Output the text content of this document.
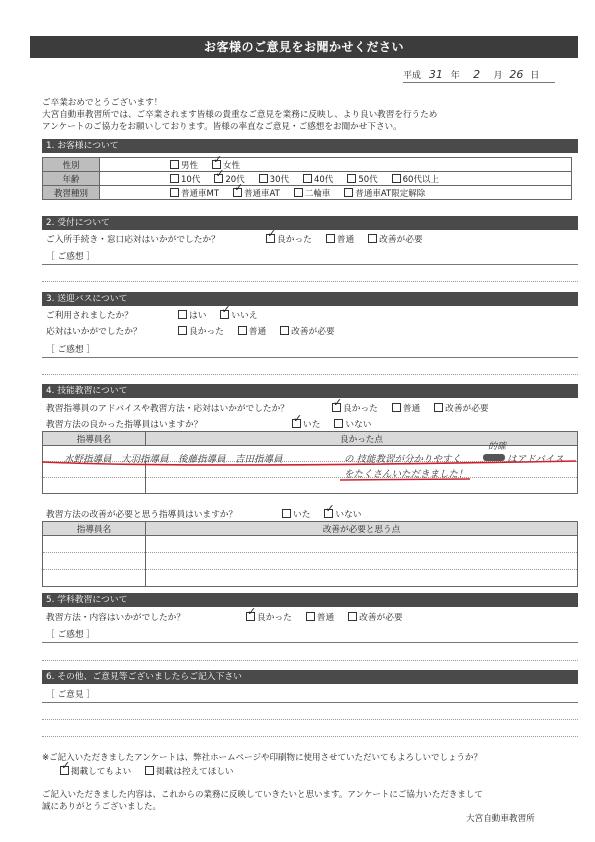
お客様のご意見をお聞かせください
平成 31 年 2 月 26 日
ご卒業おめでとうございます！
大宮自動車教習所では、ご卒業されます皆様の貴重なご意見を業務に反映し、より良い教習を行うため
アンケートのご協力をお願いしております。皆様の率直なご意見・ご感想をお聞かせ下さい。
1. お客様について
性別	男性 ✓ 女性
年齢	10代 ✓ 20代 30代 40代 50代 60代以上
教習種別	普通車MT ✓ 普通車AT 二輪車 普通車AT限定解除
2. 受付について
ご入所手続き・窓口応対はいかがでしたか？ ✓	良かった	普通	改善が必要
［ ご感想 ］
3. 送迎バスについて
ご利用されましたか？	はい ✓	いいえ
応対はいかがでしたか？	良かった	普通	改善が必要
［ ご感想 ］
4. 技能教習について
教習指導員のアドバイスや教習方法・応対はいかがでしたか？ ✓	良かった	普通	改善が必要
教習方法の良かった指導員はいますか？ ✓	いた	いない
指導員名	良かった点

水野指導員　大羽指導員　後藤指導員　吉田指導員	の 技能教習が分かりやすく
的確
はアドバイス
をたくさんいただきました！
教習方法の改善が必要と思う指導員はいますか？	いた ✓	いない
指導員名	改善が必要と思う点

5. 学科教習について
教習方法・内容はいかがでしたか？ ✓	良かった	普通	改善が必要
［ ご感想 ］
6. その他、ご意見等ございましたらご記入下さい
［ ご意見 ］
※ご記入いただきましたアンケートは、弊社ホームページや印刷物に使用させていただいてもよろしいでしょうか？
✓掲載してもよい	掲載は控えてほしい
ご記入いただきました内容は、これからの業務に反映していきたいと思います。アンケートにご協力いただきまして
誠にありがとうございました。
大宮自動車教習所
